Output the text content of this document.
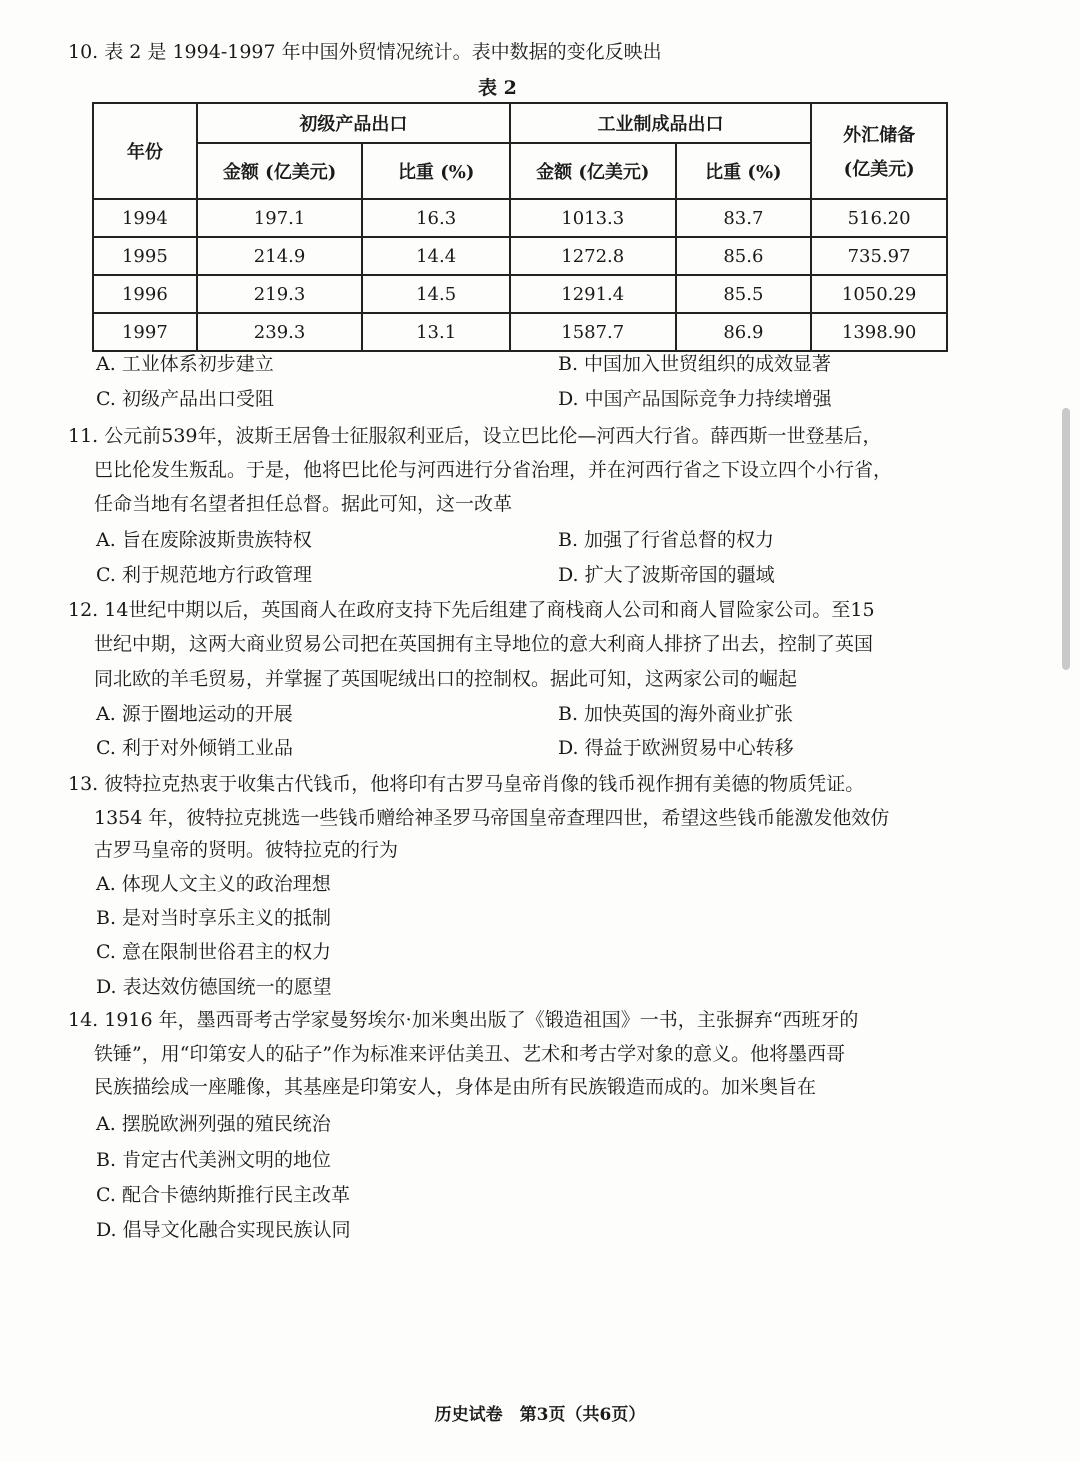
10. 表 2 是 1994-1997 年中国外贸情况统计。表中数据的变化反映出
表 2
年份	初级产品出口		工业制成品出口		外汇储备
(亿美元)

	金额 (亿美元)	比重 (%)	金额 (亿美元)	比重 (%)	
1994	197.1	16.3	1013.3	83.7	516.20
1995	214.9	14.4	1272.8	85.6	735.97
1996	219.3	14.5	1291.4	85.5	1050.29
1997	239.3	13.1	1587.7	86.9	1398.90
A. 工业体系初步建立	B. 中国加入世贸组织的成效显著
C. 初级产品出口受阻	D. 中国产品国际竞争力持续增强
11. 公元前539年，波斯王居鲁士征服叙利亚后，设立巴比伦—河西大行省。薛西斯一世登基后，
巴比伦发生叛乱。于是，他将巴比伦与河西进行分省治理，并在河西行省之下设立四个小行省，
任命当地有名望者担任总督。据此可知，这一改革
A. 旨在废除波斯贵族特权	B. 加强了行省总督的权力
C. 利于规范地方行政管理	D. 扩大了波斯帝国的疆域
12. 14世纪中期以后，英国商人在政府支持下先后组建了商栈商人公司和商人冒险家公司。至15
世纪中期，这两大商业贸易公司把在英国拥有主导地位的意大利商人排挤了出去，控制了英国
同北欧的羊毛贸易，并掌握了英国呢绒出口的控制权。据此可知，这两家公司的崛起
A. 源于圈地运动的开展	B. 加快英国的海外商业扩张
C. 利于对外倾销工业品	D. 得益于欧洲贸易中心转移
13. 彼特拉克热衷于收集古代钱币，他将印有古罗马皇帝肖像的钱币视作拥有美德的物质凭证。
1354 年，彼特拉克挑选一些钱币赠给神圣罗马帝国皇帝查理四世，希望这些钱币能激发他效仿
古罗马皇帝的贤明。彼特拉克的行为
A. 体现人文主义的政治理想
B. 是对当时享乐主义的抵制
C. 意在限制世俗君主的权力
D. 表达效仿德国统一的愿望
14. 1916 年，墨西哥考古学家曼努埃尔·加米奥出版了《锻造祖国》一书，主张摒弃“西班牙的
铁锤”，用“印第安人的砧子”作为标准来评估美丑、艺术和考古学对象的意义。他将墨西哥
民族描绘成一座雕像，其基座是印第安人，身体是由所有民族锻造而成的。加米奥旨在
A. 摆脱欧洲列强的殖民统治
B. 肯定古代美洲文明的地位
C. 配合卡德纳斯推行民主改革
D. 倡导文化融合实现民族认同
历史试卷　第3页（共6页）
